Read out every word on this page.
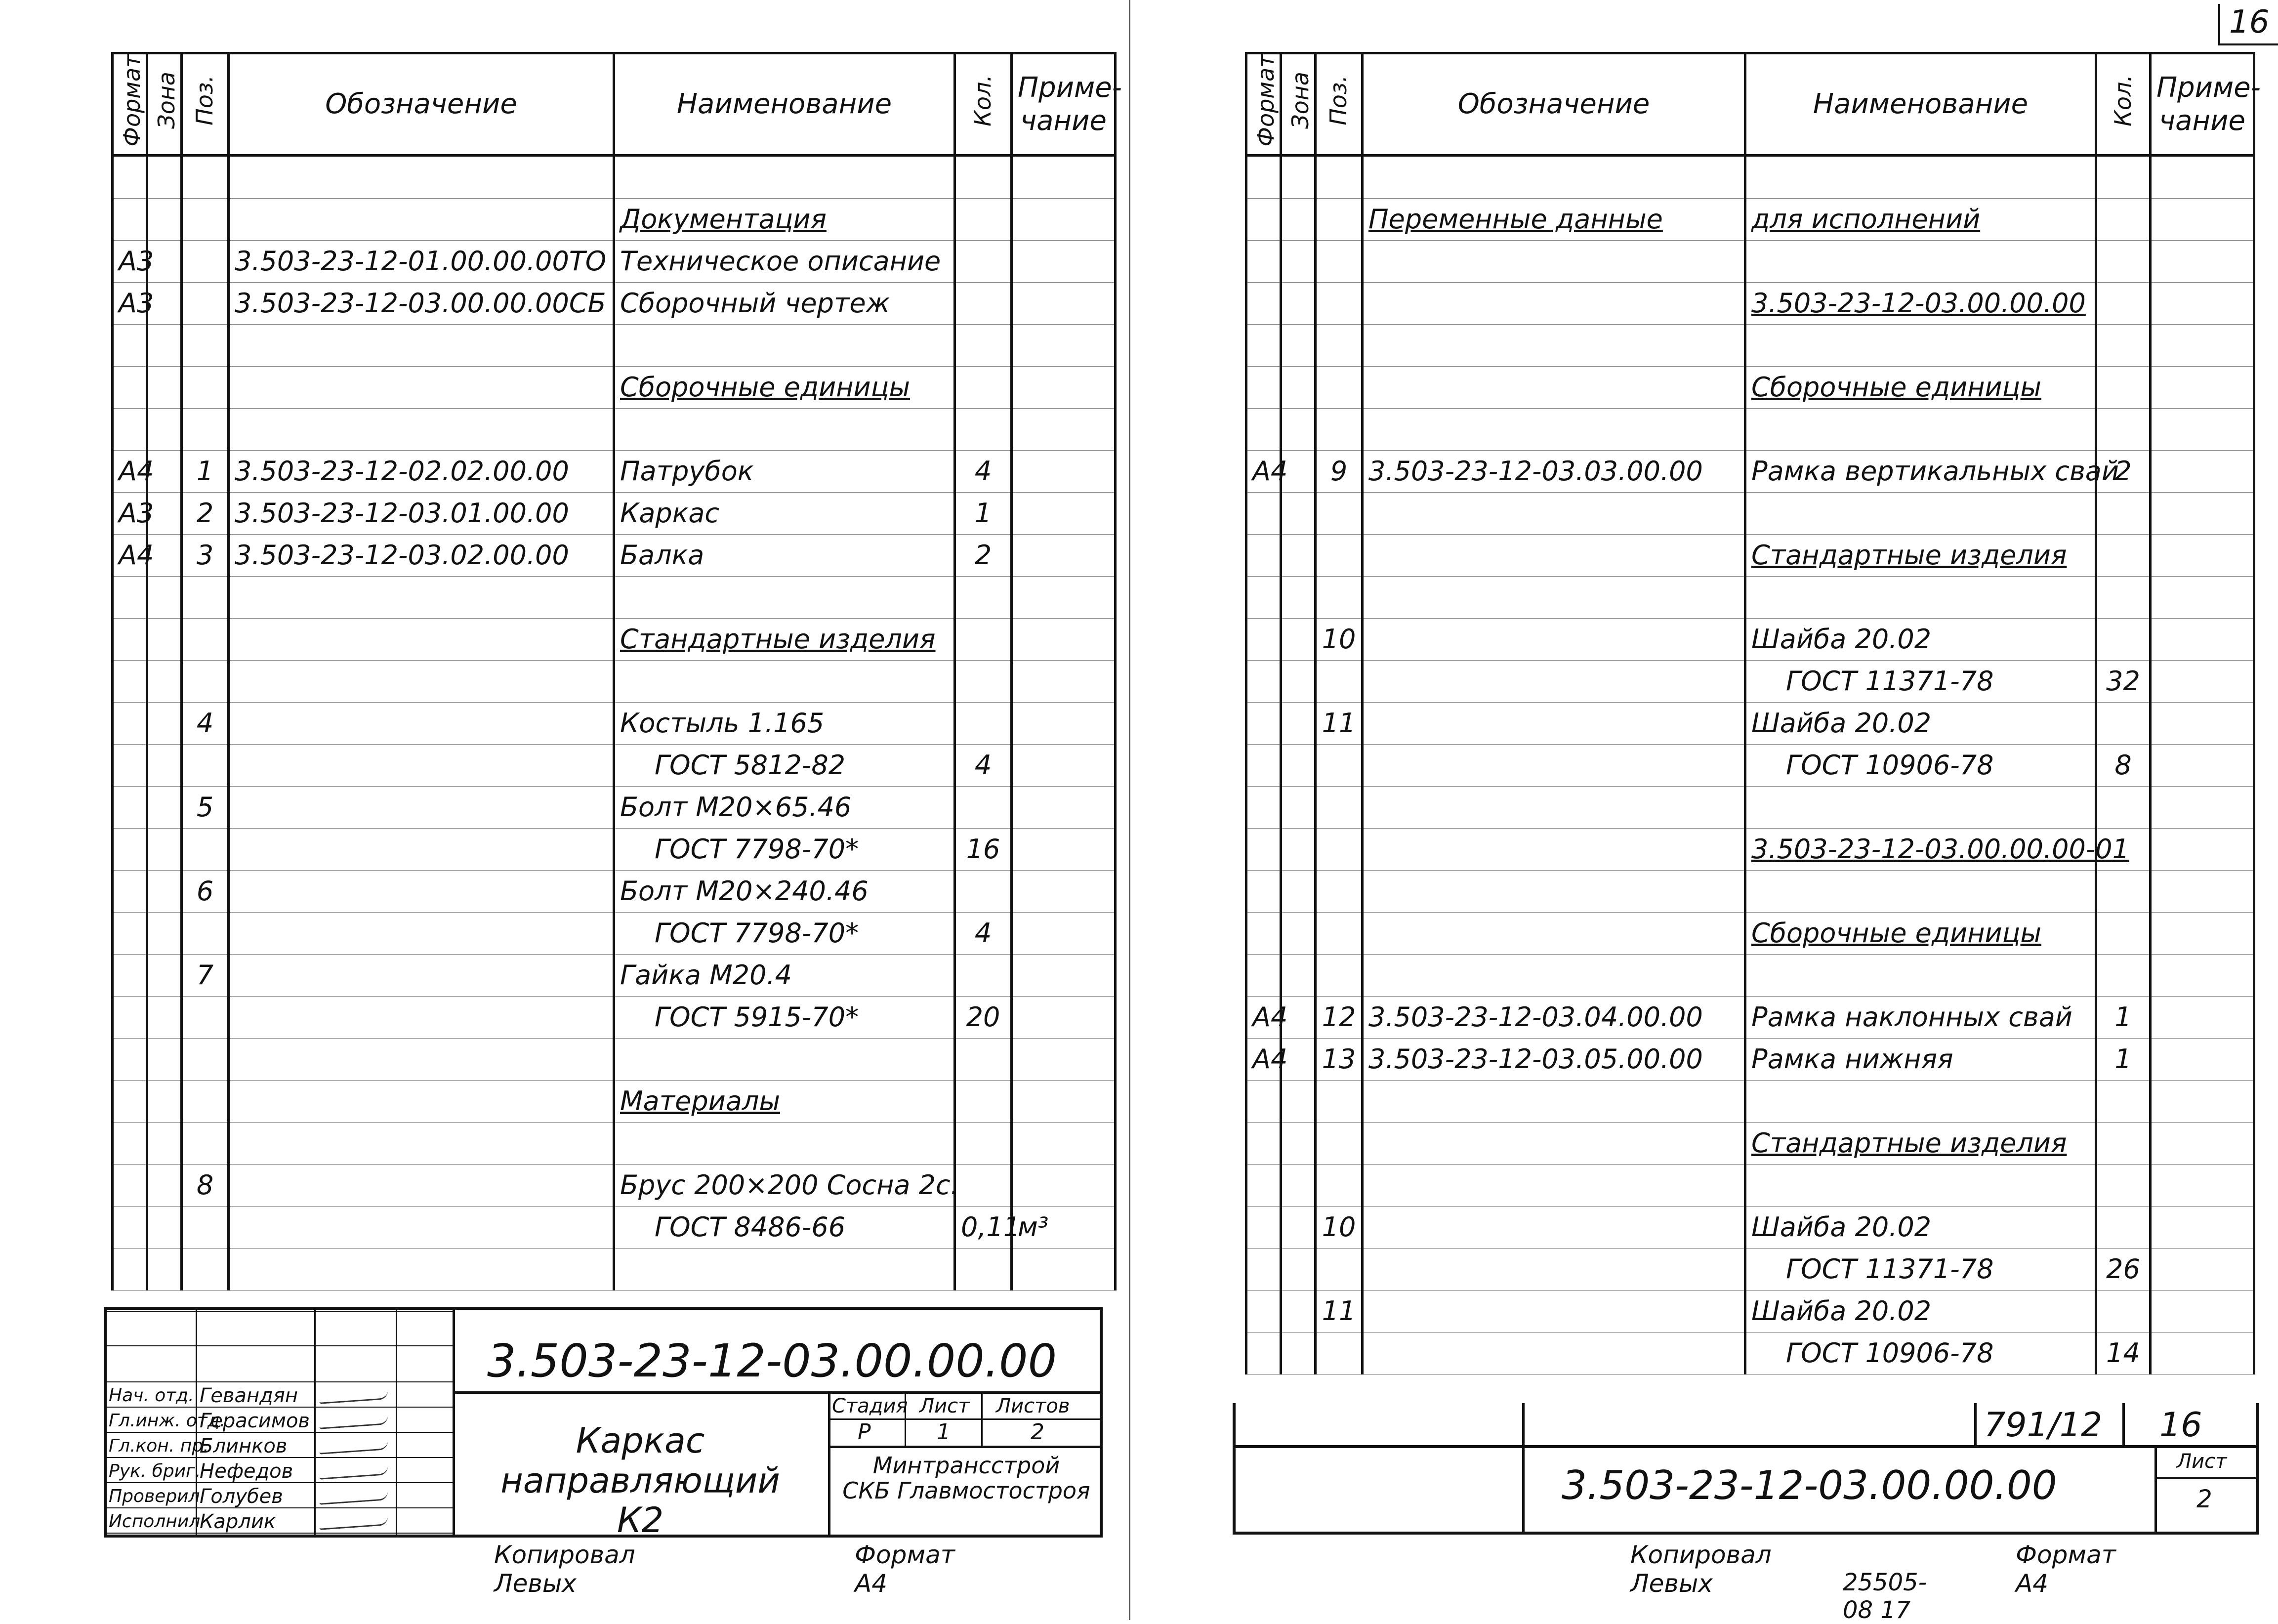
16
Формат	Зона	Поз.	Обозначение	Наименование	Кол.	Приме-
чание

				Документация		
А3			3.503-23-12-01.00.00.00ТО	Техническое описание		
А3			3.503-23-12-03.00.00.00СБ	Сборочный чертеж		

				Сборочные единицы		

А4		1	3.503-23-12-02.02.00.00	Патрубок	4	
А3		2	3.503-23-12-03.01.00.00	Каркас	1	
А4		3	3.503-23-12-03.02.00.00	Балка	2	

				Стандартные изделия		

		4		Костыль 1.165		
				ГОСТ 5812-82	4	
		5		Болт М20×65.46		
				ГОСТ 7798-70*	16	
		6		Болт М20×240.46		
				ГОСТ 7798-70*	4	
		7		Гайка М20.4		
				ГОСТ 5915-70*	20	

				Материалы		

		8		Брус 200×200 Сосна 2с.		
				ГОСТ 8486-66	0,11	м³

3.503-23-12-03.00.00.00
Каркас направляющий
К2
Стадия Лист Листов
Р	1	2
Минтрансстрой
СКБ Главмостостроя
Нач. отд. Гевандян
Гл.инж. отд.
Герасимов
Гл.кон. пр.
Блинков
Рук. бриг.
Нефедов
Проверил Голубев
Исполнил
Карлик
Копировал Левых
Формат А4
Формат	Зона	Поз.	Обозначение	Наименование	Кол.	Приме-
чание

			Переменные данные	для исполнений		

				3.503-23-12-03.00.00.00		

				Сборочные единицы		

А4		9	3.503-23-12-03.03.00.00	Рамка вертикальных свай	2	

				Стандартные изделия		

		10		Шайба 20.02		
				ГОСТ 11371-78	32	
		11		Шайба 20.02		
				ГОСТ 10906-78	8	

				3.503-23-12-03.00.00.00-01		

				Сборочные единицы		

А4		12	3.503-23-12-03.04.00.00	Рамка наклонных свай	1	
А4		13	3.503-23-12-03.05.00.00	Рамка нижняя	1	

				Стандартные изделия		

		10		Шайба 20.02		
				ГОСТ 11371-78	26	
		11		Шайба 20.02		
				ГОСТ 10906-78	14	
791/12 16
3.503-23-12-03.00.00.00
Лист
2
Копировал Левых
Формат А4
25505-08 17
